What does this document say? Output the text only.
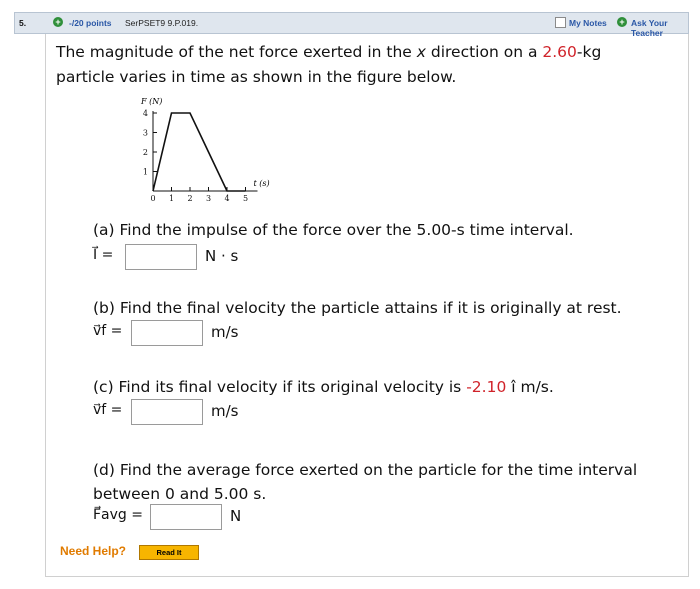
5.	+ -/20 points SerPSET9 9.P.019.	My Notes + Ask Your Teacher
The magnitude of the net force exerted in the x direction on a 2.60-kg
particle varies in time as shown in the figure below.
0 1 2 3 4 5
1
2
3
4
F (N)
t (s)
(a) Find the impulse of the force over the 5.00-s time interval.
I⃗ =	N · s
(b) Find the final velocity the particle attains if it is originally at rest.
v⃗f =	m/s
(c) Find its final velocity if its original velocity is -2.10 î m/s.
v⃗f =	m/s
(d) Find the average force exerted on the particle for the time interval
between 0 and 5.00 s.
F⃗avg =	N
Need Help?	Read It
